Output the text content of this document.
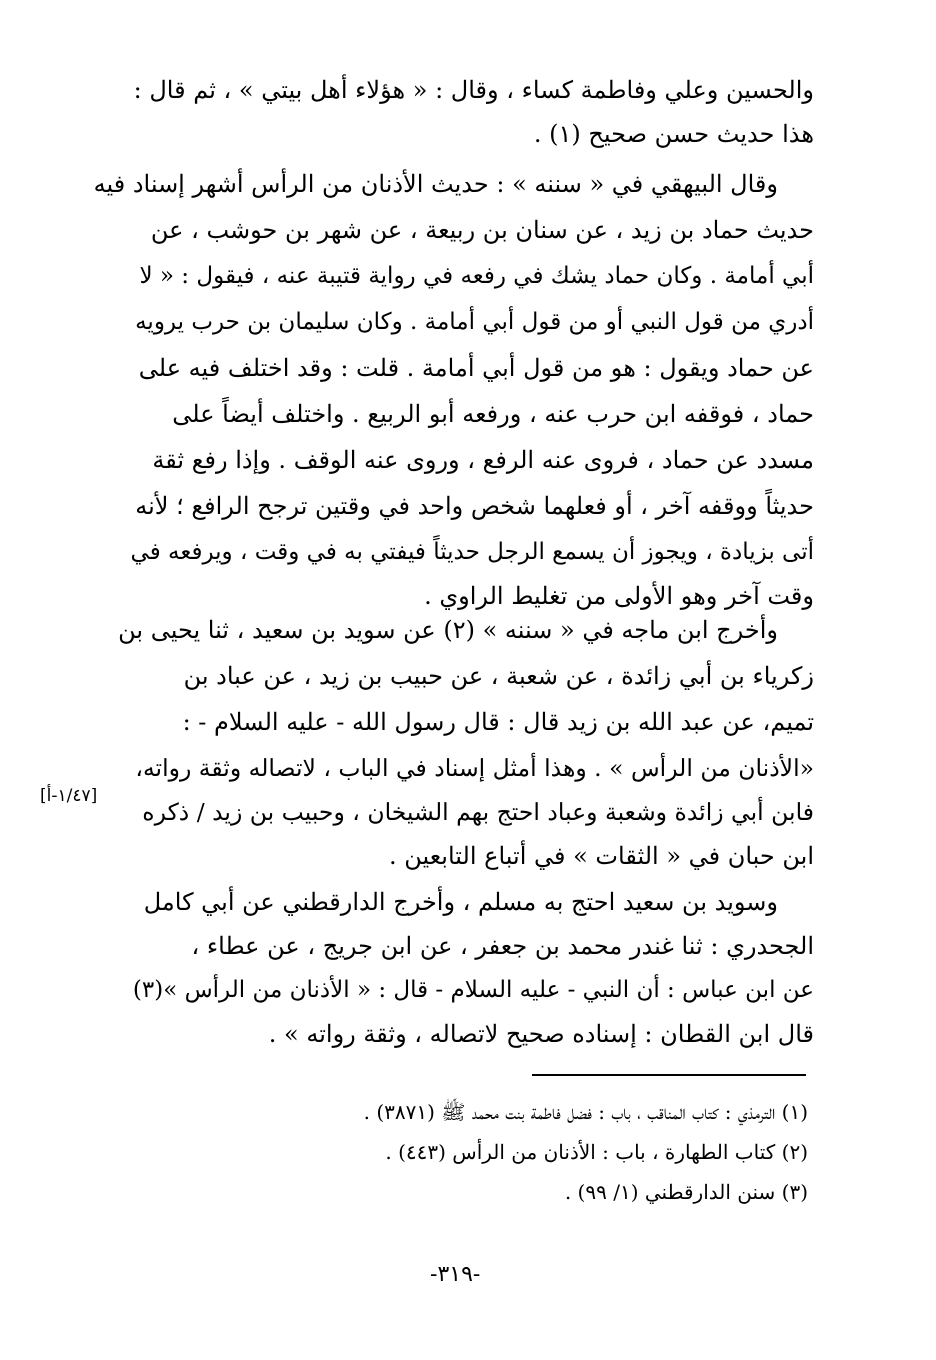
والحسين وعلي وفاطمة كساء ، وقال : « هؤلاء أهل بيتي » ، ثم قال :
هذا حديث حسن صحيح (١) .
وقال البيهقي في « سننه » : حديث الأذنان من الرأس أشهر إسناد فيه
حديث حماد بن زيد ، عن سنان بن ربيعة ، عن شهر بن حوشب ، عن
أبي أمامة . وكان حماد يشك في رفعه في رواية قتيبة عنه ، فيقول : « لا
أدري من قول النبي أو من قول أبي أمامة . وكان سليمان بن حرب يرويه
عن حماد ويقول : هو من قول أبي أمامة . قلت : وقد اختلف فيه على
حماد ، فوقفه ابن حرب عنه ، ورفعه أبو الربيع . واختلف أيضاً على
مسدد عن حماد ، فروى عنه الرفع ، وروى عنه الوقف . وإذا رفع ثقة
حديثاً ووقفه آخر ، أو فعلهما شخص واحد في وقتين ترجح الرافع ؛ لأنه
أتى بزيادة ، ويجوز أن يسمع الرجل حديثاً فيفتي به في وقت ، ويرفعه في
وقت آخر وهو الأولى من تغليط الراوي .
وأخرج ابن ماجه في « سننه » (٢) عن سويد بن سعيد ، ثنا يحيى بن
زكرياء بن أبي زائدة ، عن شعبة ، عن حبيب بن زيد ، عن عباد بن
تميم، عن عبد الله بن زيد قال : قال رسول الله - عليه السلام - :
«الأذنان من الرأس » . وهذا أمثل إسناد في الباب ، لاتصاله وثقة رواته،
فابن أبي زائدة وشعبة وعباد احتج بهم الشيخان ، وحبيب بن زيد / ذكره
ابن حبان في « الثقات » في أتباع التابعين .
وسويد بن سعيد احتج به مسلم ، وأخرج الدارقطني عن أبي كامل
الجحدري : ثنا غندر محمد بن جعفر ، عن ابن جريج ، عن عطاء ،
عن ابن عباس : أن النبي - عليه السلام - قال : « الأذنان من الرأس »(٣)
قال ابن القطان : إسناده صحيح لاتصاله ، وثقة رواته » .
[١/٤٧-أ]
(١) الترمذي : كتاب المناقب ، باب : فضل فاطمة بنت محمد ﷺ (٣٨٧١) .
(٢) كتاب الطهارة ، باب : الأذنان من الرأس (٤٤٣) .
(٣) سنن الدارقطني (١/ ٩٩) .
-٣١٩-
